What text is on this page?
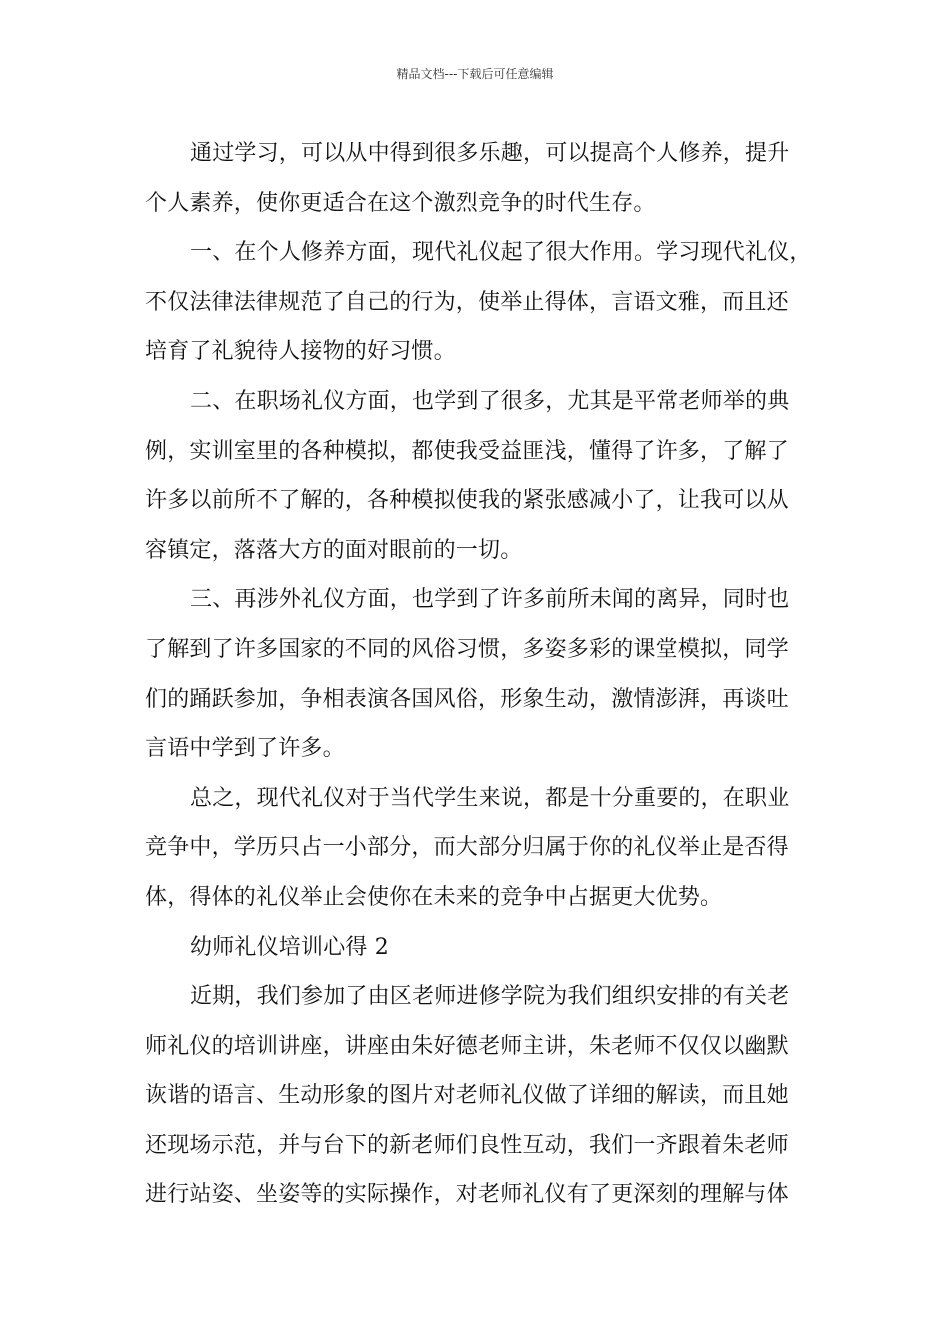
精品文档---下载后可任意编辑
通过学习，可以从中得到很多乐趣，可以提高个人修养，提升
个人素养，使你更适合在这个激烈竞争的时代生存。
一、在个人修养方面，现代礼仪起了很大作用。学习现代礼仪，
不仅法律法律规范了自己的行为，使举止得体，言语文雅，而且还
培育了礼貌待人接物的好习惯。
二、在职场礼仪方面，也学到了很多，尤其是平常老师举的典
例，实训室里的各种模拟，都使我受益匪浅，懂得了许多，了解了
许多以前所不了解的，各种模拟使我的紧张感减小了，让我可以从
容镇定，落落大方的面对眼前的一切。
三、再涉外礼仪方面，也学到了许多前所未闻的离异，同时也
了解到了许多国家的不同的风俗习惯，多姿多彩的课堂模拟，同学
们的踊跃参加，争相表演各国风俗，形象生动，激情澎湃，再谈吐
言语中学到了许多。
总之，现代礼仪对于当代学生来说，都是十分重要的，在职业
竞争中，学历只占一小部分，而大部分归属于你的礼仪举止是否得
体，得体的礼仪举止会使你在未来的竞争中占据更大优势。
幼师礼仪培训心得 2
近期，我们参加了由区老师进修学院为我们组织安排的有关老
师礼仪的培训讲座，讲座由朱好德老师主讲，朱老师不仅仅以幽默
诙谐的语言、生动形象的图片对老师礼仪做了详细的解读，而且她
还现场示范，并与台下的新老师们良性互动，我们一齐跟着朱老师
进行站姿、坐姿等的实际操作，对老师礼仪有了更深刻的理解与体
